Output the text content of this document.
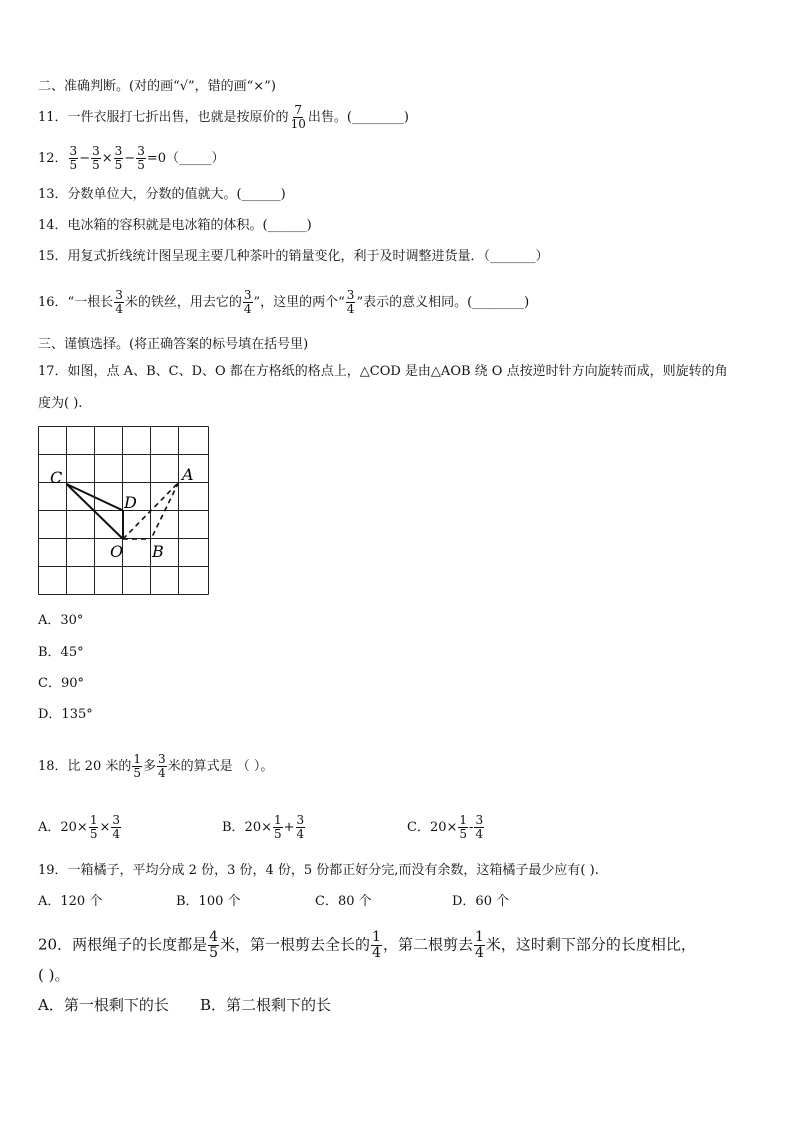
二、准确判断。(对的画“√”，错的画“×”)
11．一件衣服打七折出售，也就是按原价的 $\frac{7}{10}$ 出售。(________)
12． $\frac{3}{5} - \frac{3}{5} \times \frac{3}{5} - \frac{3}{5}$ =0（_____）
13．分数单位大，分数的值就大。(______)
14．电冰箱的容积就是电冰箱的体积。(______)
15．用复式折线统计图呈现主要几种茶叶的销量变化，利于及时调整进货量．（_______）
16．“一根长 $\frac{3}{4}$ 米的铁丝，用去它的 $\frac{3}{4}$ ”，这里的两个“ $\frac{3}{4}$ ”表示的意义相同。(________)
三、谨慎选择。(将正确答案的标号填在括号里)
17．如图，点 A、B、C、D、O 都在方格纸的格点上，△COD 是由△AOB 绕 O 点按逆时针方向旋转而成，则旋转的角
度为( ).
C
D
A
O B
A．30°
B．45°
C．90°
D．135°
18．比 20 米的 $\frac{1}{5}$ 多 $\frac{3}{4}$ 米的算式是 （ ）。
A．$20\times \frac{1}{5} \times \frac{3}{4}$	B．$20\times \frac{1}{5} + \frac{3}{4}$	C．$20\times \frac{1}{5} - \frac{3}{4}$
19．一箱橘子，平均分成 2 份，3 份，4 份，5 份都正好分完,而没有余数，这箱橘子最少应有( ).
A．120 个	B．100 个	C．80 个	D．60 个
20．两根绳子的长度都是 $\frac{4}{5}$ 米，第一根剪去全长的 $\frac{1}{4}$ ，第二根剪去 $\frac{1}{4}$ 米，这时剩下部分的长度相比，
( )。
A．第一根剩下的长 B．第二根剩下的长
